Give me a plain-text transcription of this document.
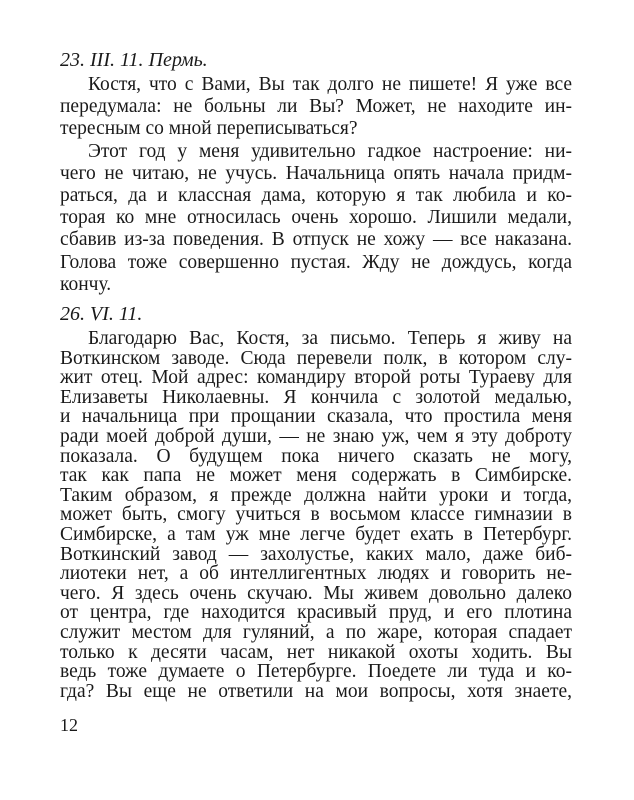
23. III. 11. Пермь.
Костя, что с Вами, Вы так долго не пишете! Я уже все
передумала: не больны ли Вы? Может, не находите ин-
тересным со мной переписываться?
Этот год у меня удивительно гадкое настроение: ни-
чего не читаю, не учусь. Начальница опять начала придм-
раться, да и классная дама, которую я так любила и ко-
торая ко мне относилась очень хорошо. Лишили медали,
сбавив из-за поведения. В отпуск не хожу — все наказана.
Голова тоже совершенно пустая. Жду не дождусь, когда
кончу.
26. VI. 11.
Благодарю Вас, Костя, за письмо. Теперь я живу на
Воткинском заводе. Сюда перевели полк, в котором слу-
жит отец. Мой адрес: командиру второй роты Тураеву для
Елизаветы Николаевны. Я кончила с золотой медалью,
и начальница при прощании сказала, что простила меня
ради моей доброй души, — не знаю уж, чем я эту доброту
показала. О будущем пока ничего сказать не могу,
так как папа не может меня содержать в Симбирске.
Таким образом, я прежде должна найти уроки и тогда,
может быть, смогу учиться в восьмом классе гимназии в
Симбирске, а там уж мне легче будет ехать в Петербург.
Воткинский завод — захолустье, каких мало, даже биб-
лиотеки нет, а об интеллигентных людях и говорить не-
чего. Я здесь очень скучаю. Мы живем довольно далеко
от центра, где находится красивый пруд, и его плотина
служит местом для гуляний, а по жаре, которая спадает
только к десяти часам, нет никакой охоты ходить. Вы
12
ведь тоже думаете о Петербурге. Поедете ли туда и ко-
гда? Вы еще не ответили на мои вопросы, хотя знаете,
